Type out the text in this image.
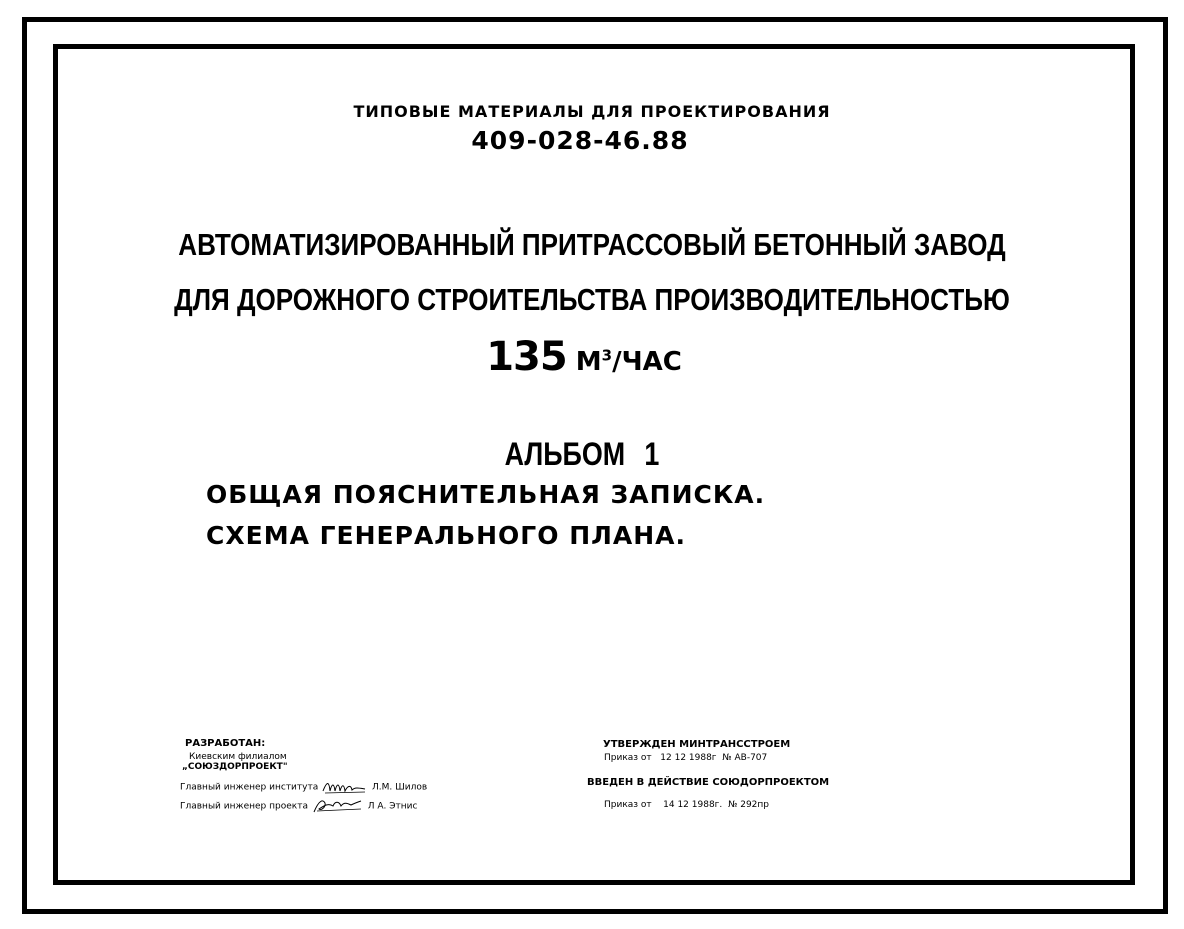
ТИПОВЫЕ МАТЕРИАЛЫ ДЛЯ ПРОЕКТИРОВАНИЯ
409-028-46.88
АВТОМАТИЗИРОВАННЫЙ ПРИТРАССОВЫЙ БЕТОННЫЙ ЗАВОД
ДЛЯ ДОРОЖНОГО СТРОИТЕЛЬСТВА ПРОИЗВОДИТЕЛЬНОСТЬЮ
135 $М^3$/ЧАС
АЛЬБОМ 1
ОБЩАЯ ПОЯСНИТЕЛЬНАЯ ЗАПИСКА.
СХЕМА ГЕНЕРАЛЬНОГО ПЛАНА.
РАЗРАБОТАН:
Киевским филиалом
„СОЮЗДОРПРОЕКТ"
Главный инженер института	Л.М. Шилов
Главный инженер проекта	Л А. Этнис
УТВЕРЖДЕН МИНТРАНССТРОЕМ
Приказ от 12 12 1988г № АВ-707
ВВЕДЕН В ДЕЙСТВИЕ СОЮДОРПРОЕКТОМ
Приказ от 14 12 1988г. № 292пр
